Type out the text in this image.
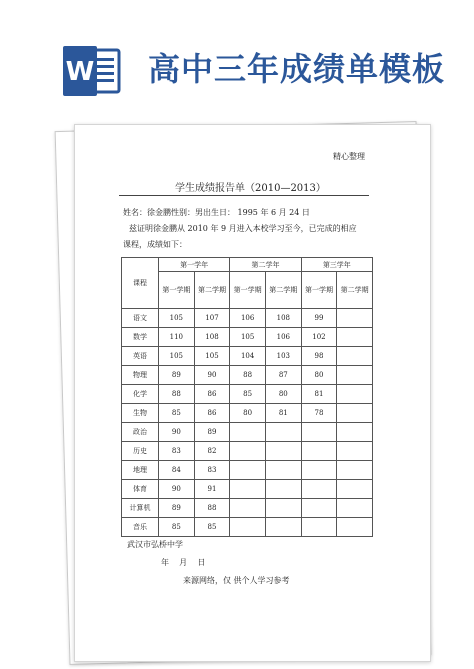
W 高中三年成绩单模板
精心整理
学生成绩报告单（2010—2013）
姓名：徐金鹏性别：男出生日： 1995 年 6 月 24 日
兹证明徐金鹏从 2010 年 9 月进入本校学习至今，已完成的相应
课程，成绩如下：
课程	第一学年		第二学年		第三学年	
	第一学期	第二学期	第一学期	第二学期	第一学期	第二学期
语文	105	107	106	108	99	
数学	110	108	105	106	102	
英语	105	105	104	103	98	
物理	89	90	88	87	80	
化学	88	86	85	80	81	
生物	85	86	80	81	78	
政治	90	89				
历史	83	82				
地理	84	83				
体育	90	91				
计算机	89	88				
音乐	85	85				
武汉市弘桥中学
年    月    日
来源网络，仅 供个人学习参考
